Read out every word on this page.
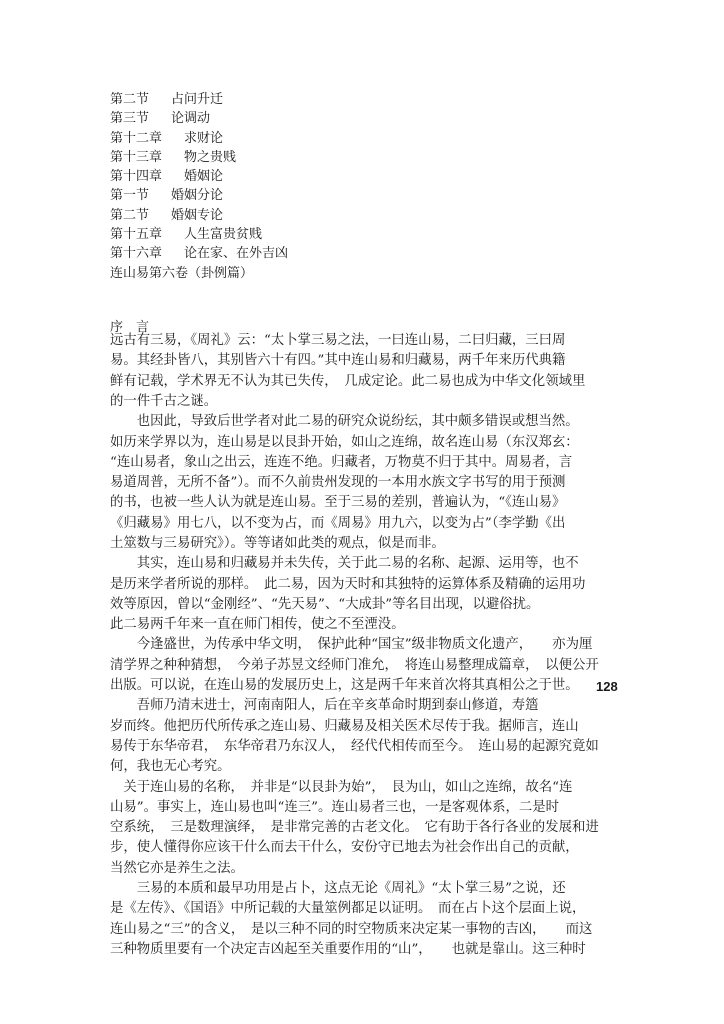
第二节 占问升迁
第三节 论调动
第十二章 求财论
第十三章 物之贵贱
第十四章 婚姻论
第一节 婚姻分论
第二节 婚姻专论
第十五章 人生富贵贫贱
第十六章 论在家、在外吉凶
连山易第六卷（卦例篇）
序　言
远古有三易，《周礼》云：“太卜掌三易之法，一曰连山易，二曰归藏，三曰周
易。其经卦皆八，其别皆六十有四。”其中连山易和归藏易，两千年来历代典籍
鲜有记载，学术界无不认为其已失传，　几成定论。此二易也成为中华文化领域里
的一件千古之谜。
　　也因此，导致后世学者对此二易的研究众说纷纭，其中颇多错误或想当然。
如历来学界以为，连山易是以艮卦开始，如山之连绵，故名连山易（东汉郑玄：
“连山易者，象山之出云，连连不绝。归藏者，万物莫不归于其中。周易者，言
易道周普，无所不备”）。而不久前贵州发现的一本用水族文字书写的用于预测
的书，也被一些人认为就是连山易。至于三易的差别，普遍认为，“《连山易》
《归藏易》用七八，以不变为占，而《周易》用九六，以变为占”（李学勤《出
土筮数与三易研究》）。等等诸如此类的观点，似是而非。
　　其实，连山易和归藏易并未失传，关于此二易的名称、起源、运用等，也不
是历来学者所说的那样。　此二易，因为天时和其独特的运算体系及精确的运用功
效等原因，曾以“金刚经”、“先天易”、“大成卦”等名目出现，以避俗扰。
此二易两千年来一直在师门相传，使之不至湮没。
　　今逢盛世，为传承中华文明，　保护此种“国宝”级非物质文化遗产，　　亦为厘
清学界之种种猜想，　今弟子苏昱文经师门准允，　将连山易整理成篇章，　以便公开
出版。可以说，在连山易的发展历史上，这是两千年来首次将其真相公之于世。
　　吾师乃清末进士，河南南阳人，后在辛亥革命时期到泰山修道，寿簉
岁而终。他把历代所传承之连山易、归藏易及相关医术尽传于我。据师言，连山
易传于东华帝君，　东华帝君乃东汉人，　经代代相传而至今。　连山易的起源究竟如
何，我也无心考究。
　关于连山易的名称，　并非是“以艮卦为始”，　艮为山，如山之连绵，故名“连
山易”。事实上，连山易也叫“连三”。连山易者三也，一是客观体系，二是时
空系统，　三是数理演绎，　是非常完善的古老文化。　它有助于各行各业的发展和进
步，使人懂得你应该干什么而去干什么，安份守已地去为社会作出自己的贡献，
当然它亦是养生之法。
　　三易的本质和最早功用是占卜，这点无论《周礼》“太卜掌三易”之说，还
是《左传》、《国语》中所记载的大量筮例都足以证明。　而在占卜这个层面上说，
连山易之“三”的含义，　是以三种不同的时空物质来决定某一事物的吉凶，　　而这
三种物质里要有一个决定吉凶起至关重要作用的“山”，　　也就是靠山。这三种时
128
